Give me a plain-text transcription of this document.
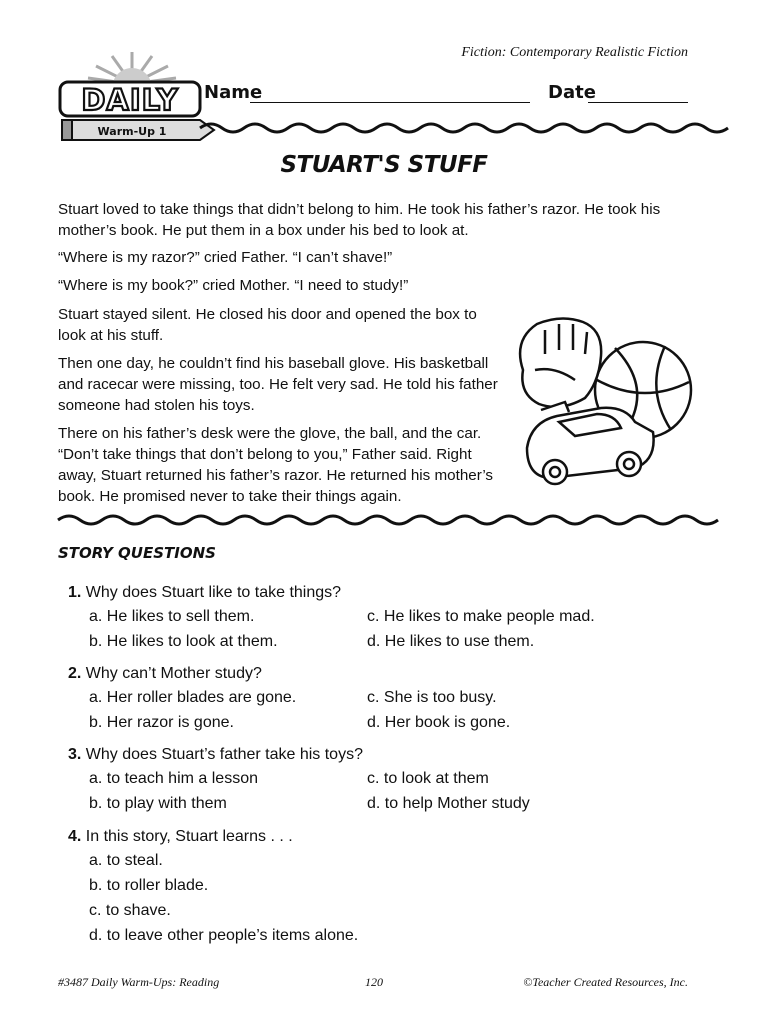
Fiction: Contemporary Realistic Fiction
DAILY
Warm-Up 1
Name	Date
STUART'S STUFF

Stuart loved to take things that didn’t belong to him. He took his father’s razor. He took his mother’s book. He put them in a box under his bed to look at.

“Where is my razor?” cried Father. “I can’t shave!”

“Where is my book?” cried Mother. “I need to study!”

Stuart stayed silent. He closed his door and opened the box to look at his stuff.

Then one day, he couldn’t find his baseball glove. His basketball and racecar were missing, too. He felt very sad. He told his father someone had stolen his toys.

There on his father’s desk were the glove, the ball, and the car. “Don’t take things that don’t belong to you,” Father said. Right away, Stuart returned his father’s razor. He returned his mother’s book. He promised never to take their things again.

STORY QUESTIONS
1. Why does Stuart like to take things?
a. He likes to sell them.
b. He likes to look at them.
c. He likes to make people mad.
d. He likes to use them.
2. Why can’t Mother study?
a. Her roller blades are gone.
b. Her razor is gone.
c. She is too busy.
d. Her book is gone.
3. Why does Stuart’s father take his toys?
a. to teach him a lesson
b. to play with them
c. to look at them
d. to help Mother study
4. In this story, Stuart learns . . .
a. to steal.
b. to roller blade.
c. to shave.
d. to leave other people’s items alone.
#3487 Daily Warm-Ups: Reading	120	©Teacher Created Resources, Inc.
